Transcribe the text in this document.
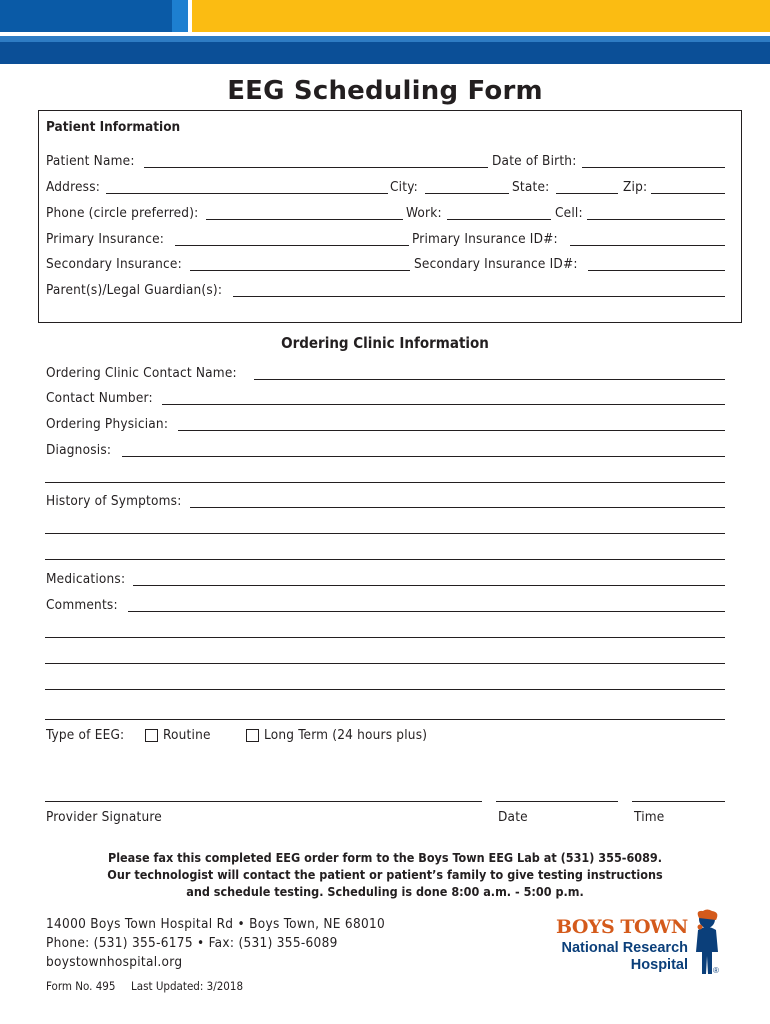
EEG Scheduling Form
Patient Information
Patient Name:	Date of Birth:
Address:	City:	State:	Zip:
Phone (circle preferred):	Work:	Cell:
Primary Insurance:	Primary Insurance ID#:
Secondary Insurance:	Secondary Insurance ID#:
Parent(s)/Legal Guardian(s):
Ordering Clinic Information
Ordering Clinic Contact Name:
Contact Number:
Ordering Physician:
Diagnosis:
History of Symptoms:
Medications:
Comments:
Type of EEG:	Routine	Long Term (24 hours plus)
Provider Signature	Date	Time
Please fax this completed EEG order form to the Boys Town EEG Lab at (531) 355-6089.
Our technologist will contact the patient or patient’s family to give testing instructions
and schedule testing. Scheduling is done 8:00 a.m. - 5:00 p.m.
14000 Boys Town Hospital Rd • Boys Town, NE 68010
Phone: (531) 355-6175 • Fax: (531) 355-6089
boystownhospital.org
Form No. 495 Last Updated: 3/2018
BOYS TOWN
National Research
Hospital	®
